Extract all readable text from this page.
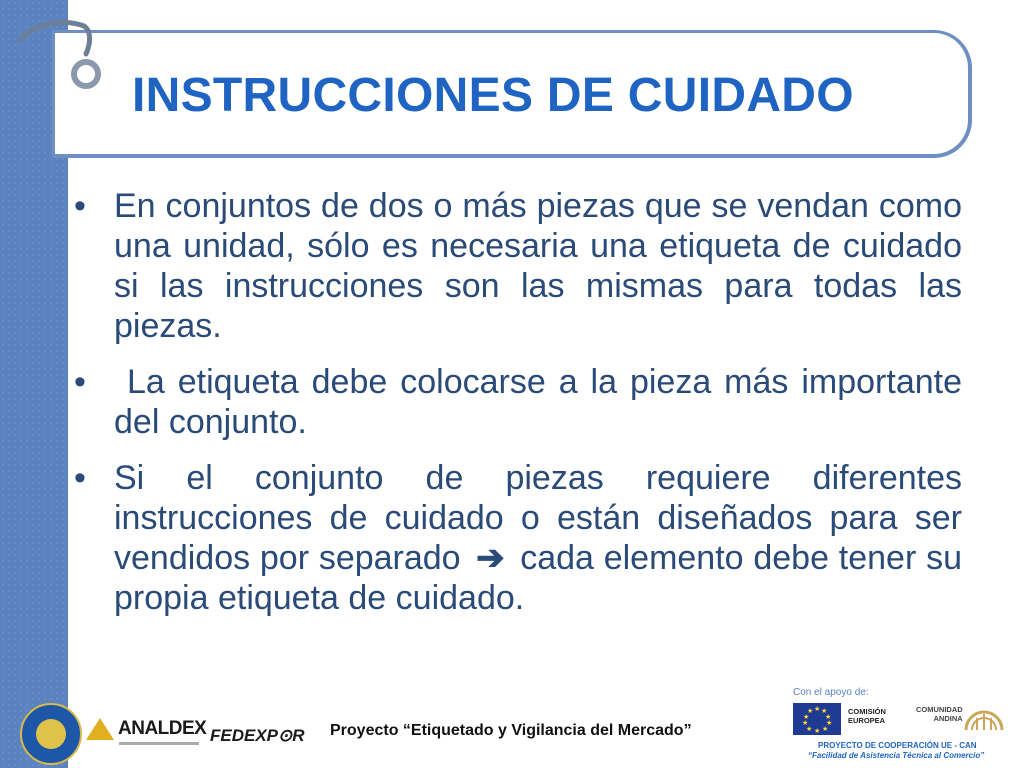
INSTRUCCIONES DE CUIDADO
• En conjuntos de dos o más piezas que se vendan como una unidad, sólo es necesaria una etiqueta de cuidado si las instrucciones son las mismas para todas las piezas.
• La etiqueta debe colocarse a la pieza más importante del conjunto.
• Si el conjunto de piezas requiere diferentes instrucciones de cuidado o están diseñados para ser vendidos por separado ➔ cada elemento debe tener su propia etiqueta de cuidado.
ANALDEX FEDEXP⊙R Proyecto “Etiquetado y Vigilancia del Mercado”
Con el apoyo de:
★ ★
★
★
★
★
★
★
★
★	COMISIÓN
EUROPEA
COMUNIDAD
ANDINA
PROYECTO DE COOPERACIÓN UE - CAN
“Facilidad de Asistencia Técnica al Comercio”
